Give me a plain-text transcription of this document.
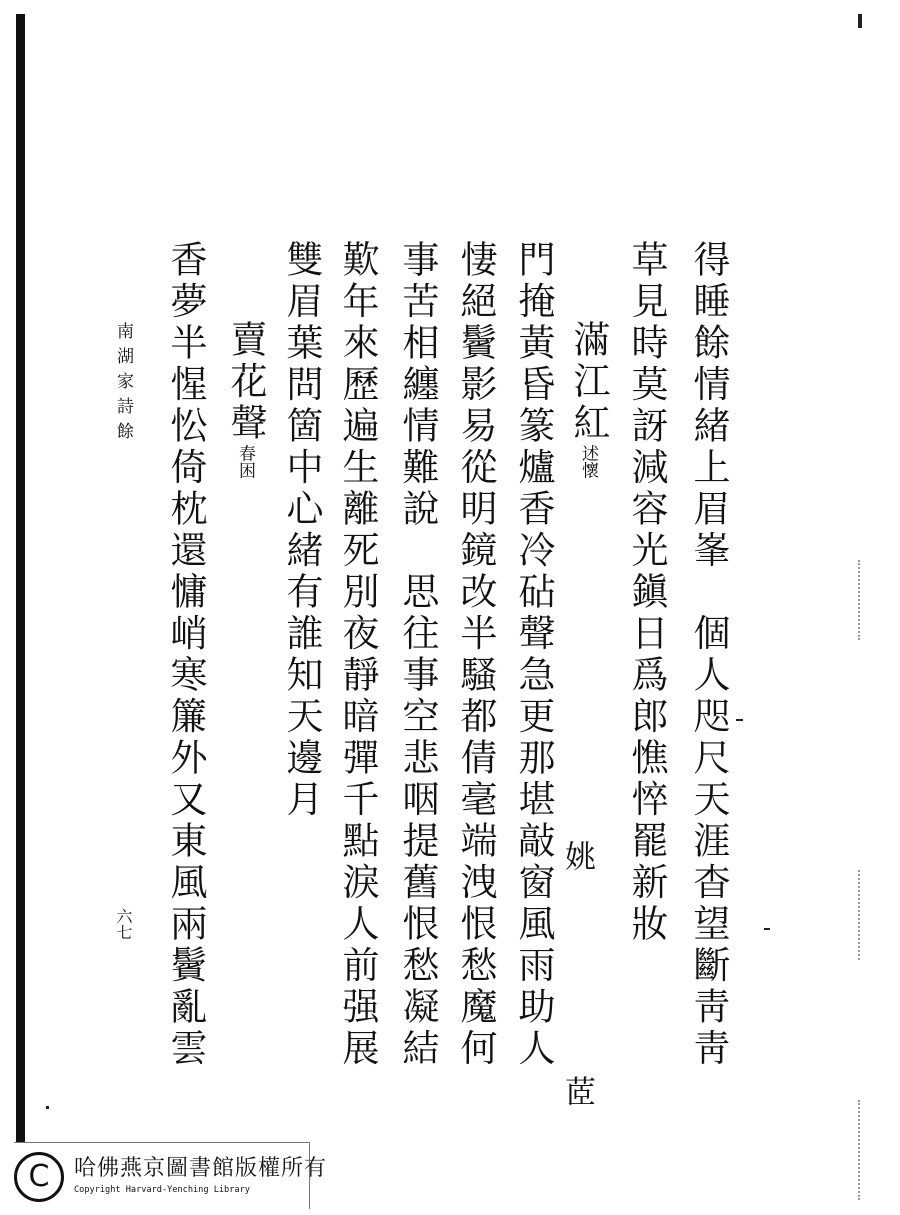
得睡餘情緒上眉峯　個人咫尺天涯杳望斷靑靑
草見時莫訝減容光鎭日爲郎憔悴罷新妝
滿江紅述懷
姚茝
門掩黃昏篆爐香冷砧聲急更那堪敲窗風雨助人
悽絕鬢影易從明鏡改半騷都倩毫端洩恨愁魔何
事苦相纏情難說　思往事空悲咽提舊恨愁凝結
歎年來歷遍生離死別夜靜暗彈千點淚人前强展
雙眉葉問箇中心緒有誰知天邊月
賣花聲春困
香夢半惺忪倚枕還慵峭寒簾外又東風兩鬢亂雲
南湖家詩餘
六七
C	哈佛燕京圖書館版權所有
Copyright Harvard-Yenching Library
